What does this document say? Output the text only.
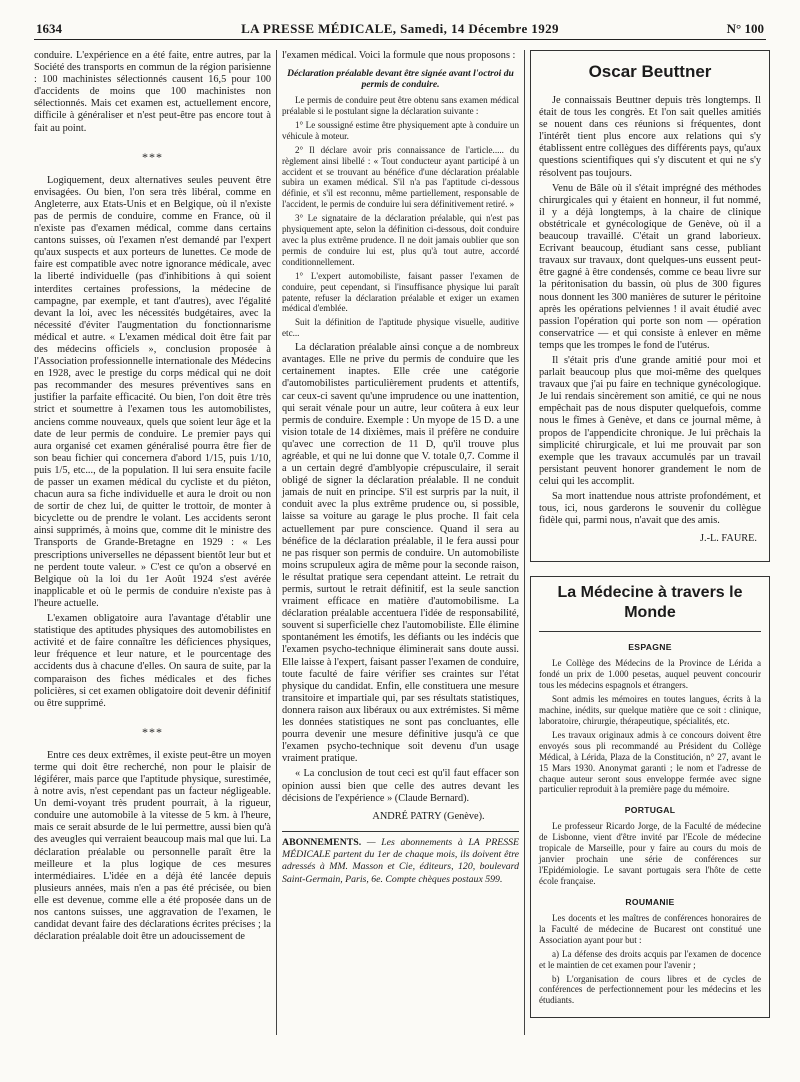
1634	LA PRESSE MÉDICALE, Samedi, 14 Décembre 1929	N° 100

conduire. L'expérience en a été faite, entre autres, par la Société des transports en commun de la région parisienne : 100 machinistes sélectionnés causent 16,5 pour 100 d'accidents de moins que 100 machinistes non sélectionnés. Mais cet examen est, actuellement encore, difficile à généraliser et n'est peut-être pas encore tout à fait au point.

***

Logiquement, deux alternatives seules peuvent être envisagées. Ou bien, l'on sera très libéral, comme en Angleterre, aux Etats-Unis et en Belgique, où il n'existe pas de permis de conduire, comme en France, où il n'existe pas d'examen médical, comme dans certains cantons suisses, où l'examen n'est demandé par l'expert qu'aux suspects et aux porteurs de lunettes. Ce mode de faire est compatible avec notre ignorance médicale, avec la liberté individuelle (pas d'inhibitions à qui soient interdites certaines professions, la médecine de campagne, par exemple, et tant d'autres), avec l'égalité devant la loi, avec les nécessités budgétaires, avec la nécessité d'éviter l'augmentation du fonctionnarisme médical et autre. « L'examen médical doit être fait par des médecins officiels », conclusion proposée à l'Association professionnelle internationale des Médecins en 1928, avec le prestige du corps médical qui ne doit pas recommander des mesures préventives sans en justifier la parfaite efficacité. Ou bien, l'on doit être très strict et soumettre à l'examen tous les automobilistes, anciens comme nouveaux, quels que soient leur âge et la date de leur permis de conduire. Le premier pays qui aura organisé cet examen généralisé pourra être fier de son beau fichier qui concernera d'abord 1/15, puis 1/10, puis 1/5, etc..., de la population. Il lui sera ensuite facile de passer un examen médical du cycliste et du piéton, chacun aura sa fiche individuelle et aura le droit ou non de sortir de chez lui, de quitter le trottoir, de monter à bicyclette ou de prendre le volant. Les accidents seront ainsi supprimés, à moins que, comme dit le ministre des Transports de Grande-Bretagne en 1929 : « Les prescriptions universelles ne dépassent bientôt leur but et ne perdent toute valeur. » C'est ce qu'on a observé en Belgique où la loi du 1er Août 1924 s'est avérée inapplicable et où le permis de conduire n'existe pas à l'heure actuelle.

L'examen obligatoire aura l'avantage d'établir une statistique des aptitudes physiques des automobilistes en activité et de faire connaître les déficiences physiques, leur fréquence et leur nature, et le pourcentage des accidents dus à chacune d'elles. On saura de suite, par la comparaison des fiches médicales et des fiches policières, si cet examen obligatoire doit devenir définitif ou être supprimé.

***

Entre ces deux extrêmes, il existe peut-être un moyen terme qui doit être recherché, non pour le plaisir de légiférer, mais parce que l'aptitude physique, surestimée, à notre avis, n'est cependant pas un facteur négligeable. Un demi-voyant très prudent pourrait, à la rigueur, conduire une automobile à la vitesse de 5 km. à l'heure, mais ce serait absurde de le lui permettre, aussi bien qu'à des aveugles qui verraient beaucoup mais mal que lui. La déclaration préalable ou personnelle paraît être la meilleure et la plus logique de ces mesures intermédiaires. L'idée en a déjà été lancée depuis plusieurs années, mais n'en a pas été précisée, ou bien elle est devenue, comme elle a été proposée dans un de nos cantons suisses, une aggravation de l'examen, le candidat devant faire des déclarations écrites précises ; la déclaration préalable doit être un adoucissement de

l'examen médical. Voici la formule que nous proposons :

Déclaration préalable devant être signée avant l'octroi du permis de conduire.

Le permis de conduire peut être obtenu sans examen médical préalable si le postulant signe la déclaration suivante :

1° Le soussigné estime être physiquement apte à conduire un véhicule à moteur.

2° Il déclare avoir pris connaissance de l'article..... du règlement ainsi libellé : « Tout conducteur ayant participé à un accident et se trouvant au bénéfice d'une déclaration préalable subira un examen médical. S'il n'a pas l'aptitude ci-dessous définie, et s'il est reconnu, même partiellement, responsable de l'accident, le permis de conduire lui sera définitivement retiré. »

3° Le signataire de la déclaration préalable, qui n'est pas physiquement apte, selon la définition ci-dessous, doit conduire avec la plus extrême prudence. Il ne doit jamais oublier que son permis de conduire lui est, plus qu'à tout autre, accordé conditionnellement.

1° L'expert automobiliste, faisant passer l'examen de conduire, peut cependant, si l'insuffisance physique lui paraît patente, refuser la déclaration préalable et exiger un examen médical d'emblée.

Suit la définition de l'aptitude physique visuelle, auditive etc...

La déclaration préalable ainsi conçue a de nombreux avantages. Elle ne prive du permis de conduire que les certainement inaptes. Elle crée une catégorie d'automobilistes particulièrement prudents et attentifs, car ceux-ci savent qu'une imprudence ou une inattention, qui serait vénale pour un autre, leur coûtera à eux leur permis de conduire. Exemple : Un myope de 15 D. a une vision totale de 14 dixièmes, mais il préfère ne conduire qu'avec une correction de 11 D, qu'il trouve plus agréable, et qui ne lui donne que V. totale 0,7. Comme il a un certain degré d'amblyopie crépusculaire, il serait obligé de signer la déclaration préalable. Il ne conduit jamais de nuit en principe. S'il est surpris par la nuit, il conduit avec la plus extrême prudence ou, si possible, laisse sa voiture au garage le plus proche. Il fait cela actuellement par pure conscience. Quand il sera au bénéfice de la déclaration préalable, il le fera aussi pour ne pas risquer son permis de conduire. Un automobiliste moins scrupuleux agira de même pour la seconde raison, le résultat pratique sera cependant atteint. Le retrait du permis, surtout le retrait définitif, est la seule sanction vraiment efficace en matière d'automobilisme. La déclaration préalable accentuera l'idée de responsabilité, souvent si superficielle chez l'automobiliste. Elle élimine spontanément les émotifs, les défiants ou les indécis que l'examen psycho-technique éliminerait sans doute aussi. Elle laisse à l'expert, faisant passer l'examen de conduire, toute faculté de faire vérifier ses craintes sur l'état physique du candidat. Enfin, elle constituera une mesure transitoire et impartiale qui, par ses résultats statistiques, donnera raison aux libéraux ou aux extrémistes. Si même les données statistiques ne sont pas concluantes, elle pourra devenir une mesure définitive jusqu'à ce que l'examen psycho-technique soit devenu d'un usage vraiment pratique.

« La conclusion de tout ceci est qu'il faut effacer son opinion aussi bien que celle des autres devant les décisions de l'expérience » (Claude Bernard).

ANDRÉ PATRY (Genève).
ABONNEMENTS. — Les abonnements à LA PRESSE MÉDICALE partent du 1er de chaque mois, ils doivent être adressés à MM. Masson et Cie, éditeurs, 120, boulevard Saint-Germain, Paris, 6e. Compte chèques postaux 599.
Oscar Beuttner

Je connaissais Beuttner depuis très longtemps. Il était de tous les congrès. Et l'on sait quelles amitiés se nouent dans ces réunions si fréquentes, dont l'intérêt tient plus encore aux relations qui s'y établissent entre collègues des différents pays, qu'aux questions scientifiques qui s'y discutent et qui ne s'y résolvent pas toujours.

Venu de Bâle où il s'était imprégné des méthodes chirurgicales qui y étaient en honneur, il fut nommé, il y a déjà longtemps, à la chaire de clinique obstétricale et gynécologique de Genève, où il a beaucoup travaillé. C'était un grand laborieux. Ecrivant beaucoup, étudiant sans cesse, publiant travaux sur travaux, dont quelques-uns eussent peut-être gagné à être condensés, comme ce beau livre sur la péritonisation du bassin, où plus de 300 figures nous donnent les 300 manières de suturer le péritoine après les opérations pelviennes ! il avait étudié avec passion l'opération qui porte son nom — opération conservatrice — et qui consiste à enlever en même temps que les trompes le fond de l'utérus.

Il s'était pris d'une grande amitié pour moi et parlait beaucoup plus que moi-même des quelques travaux que j'ai pu faire en technique gynécologique. Je lui rendais sincèrement son amitié, ce qui ne nous empêchait pas de nous disputer quelquefois, comme nous le fîmes à Genève, et dans ce journal même, à propos de l'appendicite chronique. Je lui prêchais la simplicité chirurgicale, et lui me prouvait par son exemple que les travaux accumulés par un travail persistant peuvent honorer grandement le nom de celui qui les accomplit.

Sa mort inattendue nous attriste profondément, et tous, ici, nous garderons le souvenir du collègue fidèle qui, parmi nous, n'avait que des amis.

J.-L. FAURE.
La Médecine à travers le Monde
ESPAGNE

Le Collège des Médecins de la Province de Lérida a fondé un prix de 1.000 pesetas, auquel peuvent concourir tous les médecins espagnols et étrangers.

Sont admis les mémoires en toutes langues, écrits à la machine, inédits, sur quelque matière que ce soit : clinique, laboratoire, chirurgie, thérapeutique, spécialités, etc.

Les travaux originaux admis à ce concours doivent être envoyés sous pli recommandé au Président du Collège Médical, à Lérida, Plaza de la Constitución, n° 27, avant le 15 Mars 1930. Anonymat garanti ; le nom et l'adresse de chaque auteur seront sous enveloppe fermée avec signe particulier reproduit à la première page du mémoire.

PORTUGAL

Le professeur Ricardo Jorge, de la Faculté de médecine de Lisbonne, vient d'être invité par l'Ecole de médecine tropicale de Marseille, pour y faire au cours du mois de janvier prochain une série de conférences sur l'Epidémiologie. Le savant portugais sera l'hôte de cette école française.

ROUMANIE

Les docents et les maîtres de conférences honoraires de la Faculté de médecine de Bucarest ont constitué une Association ayant pour but :

a) La défense des droits acquis par l'examen de docence et le maintien de cet examen pour l'avenir ;

b) L'organisation de cours libres et de cycles de conférences de perfectionnement pour les médecins et les étudiants.
